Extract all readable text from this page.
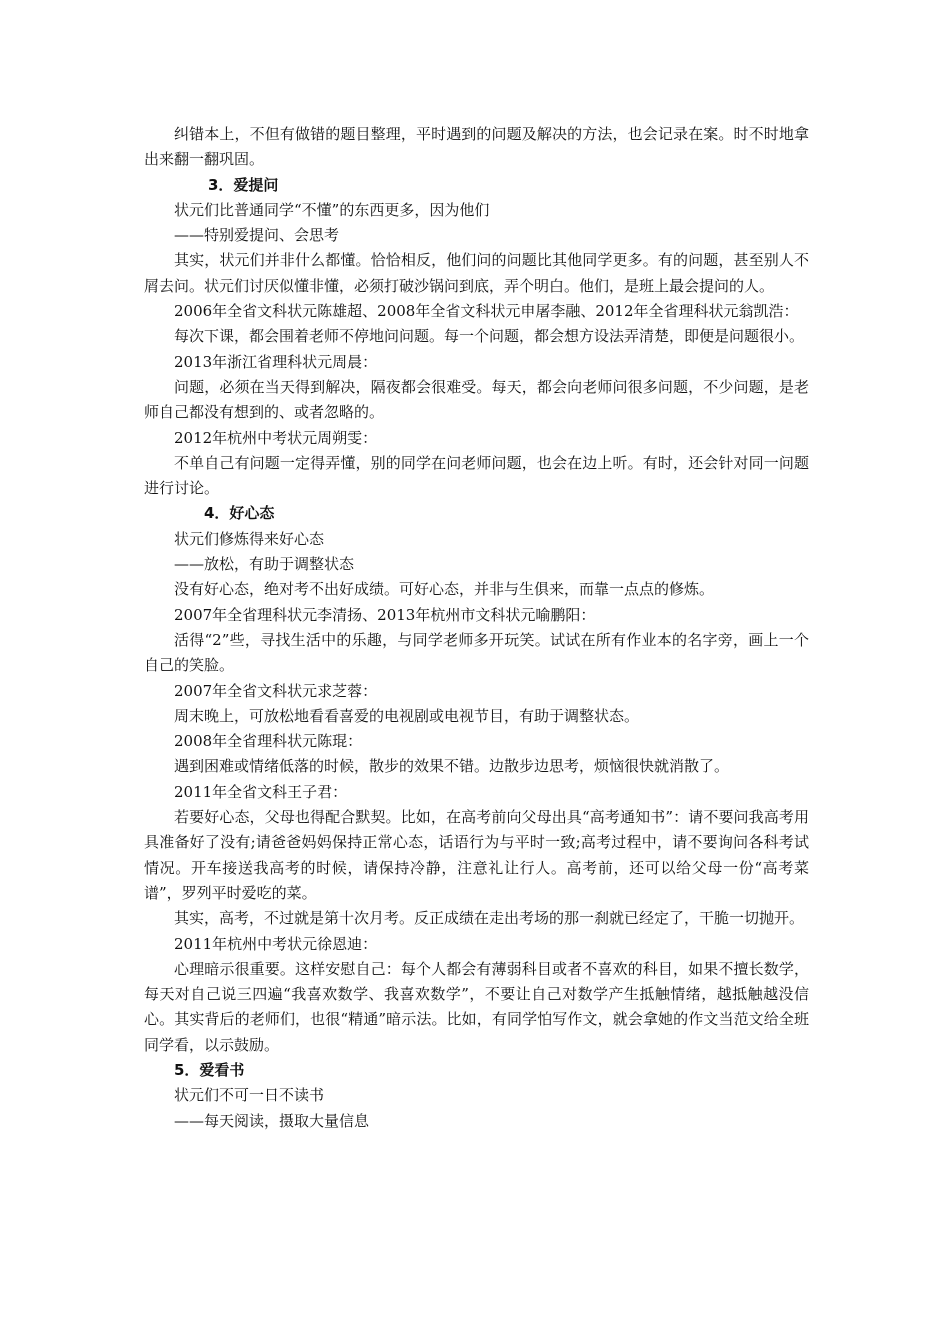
纠错本上，不但有做错的题目整理，平时遇到的问题及解决的方法，也会记录在案。时不时地拿出来翻一翻巩固。

3．爱提问

状元们比普通同学“不懂”的东西更多，因为他们

——特别爱提问、会思考

其实，状元们并非什么都懂。恰恰相反，他们问的问题比其他同学更多。有的问题，甚至别人不屑去问。状元们讨厌似懂非懂，必须打破沙锅问到底，弄个明白。他们，是班上最会提问的人。

2006年全省文科状元陈雄超、2008年全省文科状元申屠李融、2012年全省理科状元翁凯浩：

每次下课，都会围着老师不停地问问题。每一个问题，都会想方设法弄清楚，即便是问题很小。

2013年浙江省理科状元周晨：

问题，必须在当天得到解决，隔夜都会很难受。每天，都会向老师问很多问题，不少问题，是老师自己都没有想到的、或者忽略的。

2012年杭州中考状元周朔雯：

不单自己有问题一定得弄懂，别的同学在问老师问题，也会在边上听。有时，还会针对同一问题进行讨论。

4．好心态

状元们修炼得来好心态

——放松，有助于调整状态

没有好心态，绝对考不出好成绩。可好心态，并非与生俱来，而靠一点点的修炼。

2007年全省理科状元李清扬、2013年杭州市文科状元喻鹏阳：

活得“2”些，寻找生活中的乐趣，与同学老师多开玩笑。试试在所有作业本的名字旁，画上一个自己的笑脸。

2007年全省文科状元求芝蓉：

周末晚上，可放松地看看喜爱的电视剧或电视节目，有助于调整状态。

2008年全省理科状元陈琨：

遇到困难或情绪低落的时候，散步的效果不错。边散步边思考，烦恼很快就消散了。

2011年全省文科王子君：

若要好心态，父母也得配合默契。比如，在高考前向父母出具“高考通知书”：请不要问我高考用具准备好了没有;请爸爸妈妈保持正常心态，话语行为与平时一致;高考过程中，请不要询问各科考试情况。开车接送我高考的时候，请保持冷静，注意礼让行人。高考前，还可以给父母一份“高考菜谱”，罗列平时爱吃的菜。

其实，高考，不过就是第十次月考。反正成绩在走出考场的那一刹就已经定了，干脆一切抛开。

2011年杭州中考状元徐恩迪：

心理暗示很重要。这样安慰自己：每个人都会有薄弱科目或者不喜欢的科目，如果不擅长数学，每天对自己说三四遍“我喜欢数学、我喜欢数学”，不要让自己对数学产生抵触情绪，越抵触越没信心。其实背后的老师们，也很“精通”暗示法。比如，有同学怕写作文，就会拿她的作文当范文给全班同学看，以示鼓励。

5．爱看书

状元们不可一日不读书

——每天阅读，摄取大量信息
